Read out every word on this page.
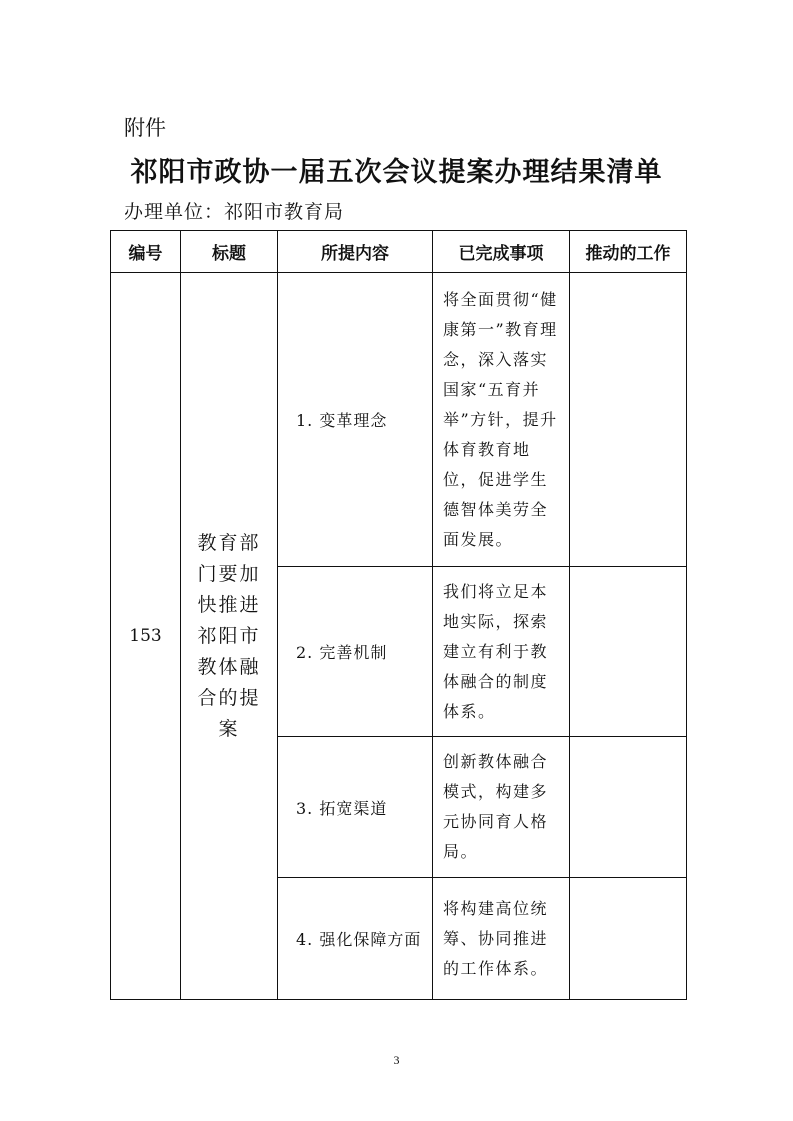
附件
祁阳市政协一届五次会议提案办理结果清单
办理单位：祁阳市教育局
编号	标题	所提内容	已完成事项	推动的工作
153	教育部门要加快推进祁阳市教体融合的提案	1. 变革理念	将全面贯彻“健康第一”教育理念，深入落实国家“五育并举”方针，提升体育教育地位，促进学生德智体美劳全面发展。	

		2. 完善机制	我们将立足本地实际，探索建立有利于教体融合的制度体系。	

		3. 拓宽渠道	创新教体融合模式，构建多元协同育人格局。	

		4. 强化保障方面	将构建高位统筹、协同推进的工作体系。	

3
